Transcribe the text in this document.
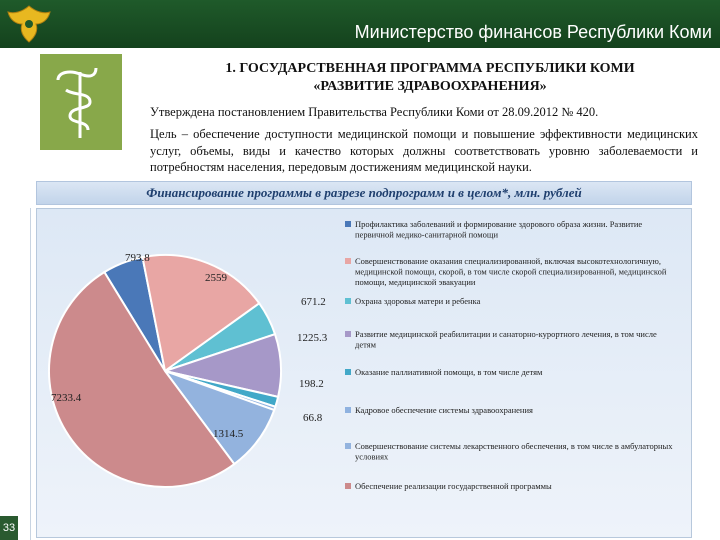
Министерство финансов Республики Коми
1. ГОСУДАРСТВЕННАЯ ПРОГРАММА РЕСПУБЛИКИ КОМИ
«РАЗВИТИЕ ЗДРАВООХРАНЕНИЯ»
Утверждена постановлением Правительства Республики Коми от 28.09.2012 № 420.
Цель – обеспечение доступности медицинской помощи и повышение эффективности медицинских услуг, объемы, виды и качество которых должны соответствовать уровню заболеваемости и потребностям населения, передовым достижениям медицинской науки.
Финансирование программы в разрезе подпрограмм и в целом*, млн. рублей
793.8
2559
671.2
1225.3
198.2
66.8
1314.5
7233.4
Профилактика заболеваний и формирование здорового образа жизни. Развитие первичной медико-санитарной помощи
Совершенствование оказания специализированной, включая высокотехнологичную, медицинской помощи, скорой, в том числе скорой специализированной, медицинской помощи, медицинской эвакуации
Охрана здоровья матери и ребенка
Развитие медицинской реабилитации и санаторно-курортного лечения, в том числе детям
Оказание паллиативной помощи, в том числе детям
Кадровое обеспечение системы здравоохранения
Совершенствование системы лекарственного обеспечения, в том числе в амбулаторных условиях
Обеспечение реализации государственной программы
33
